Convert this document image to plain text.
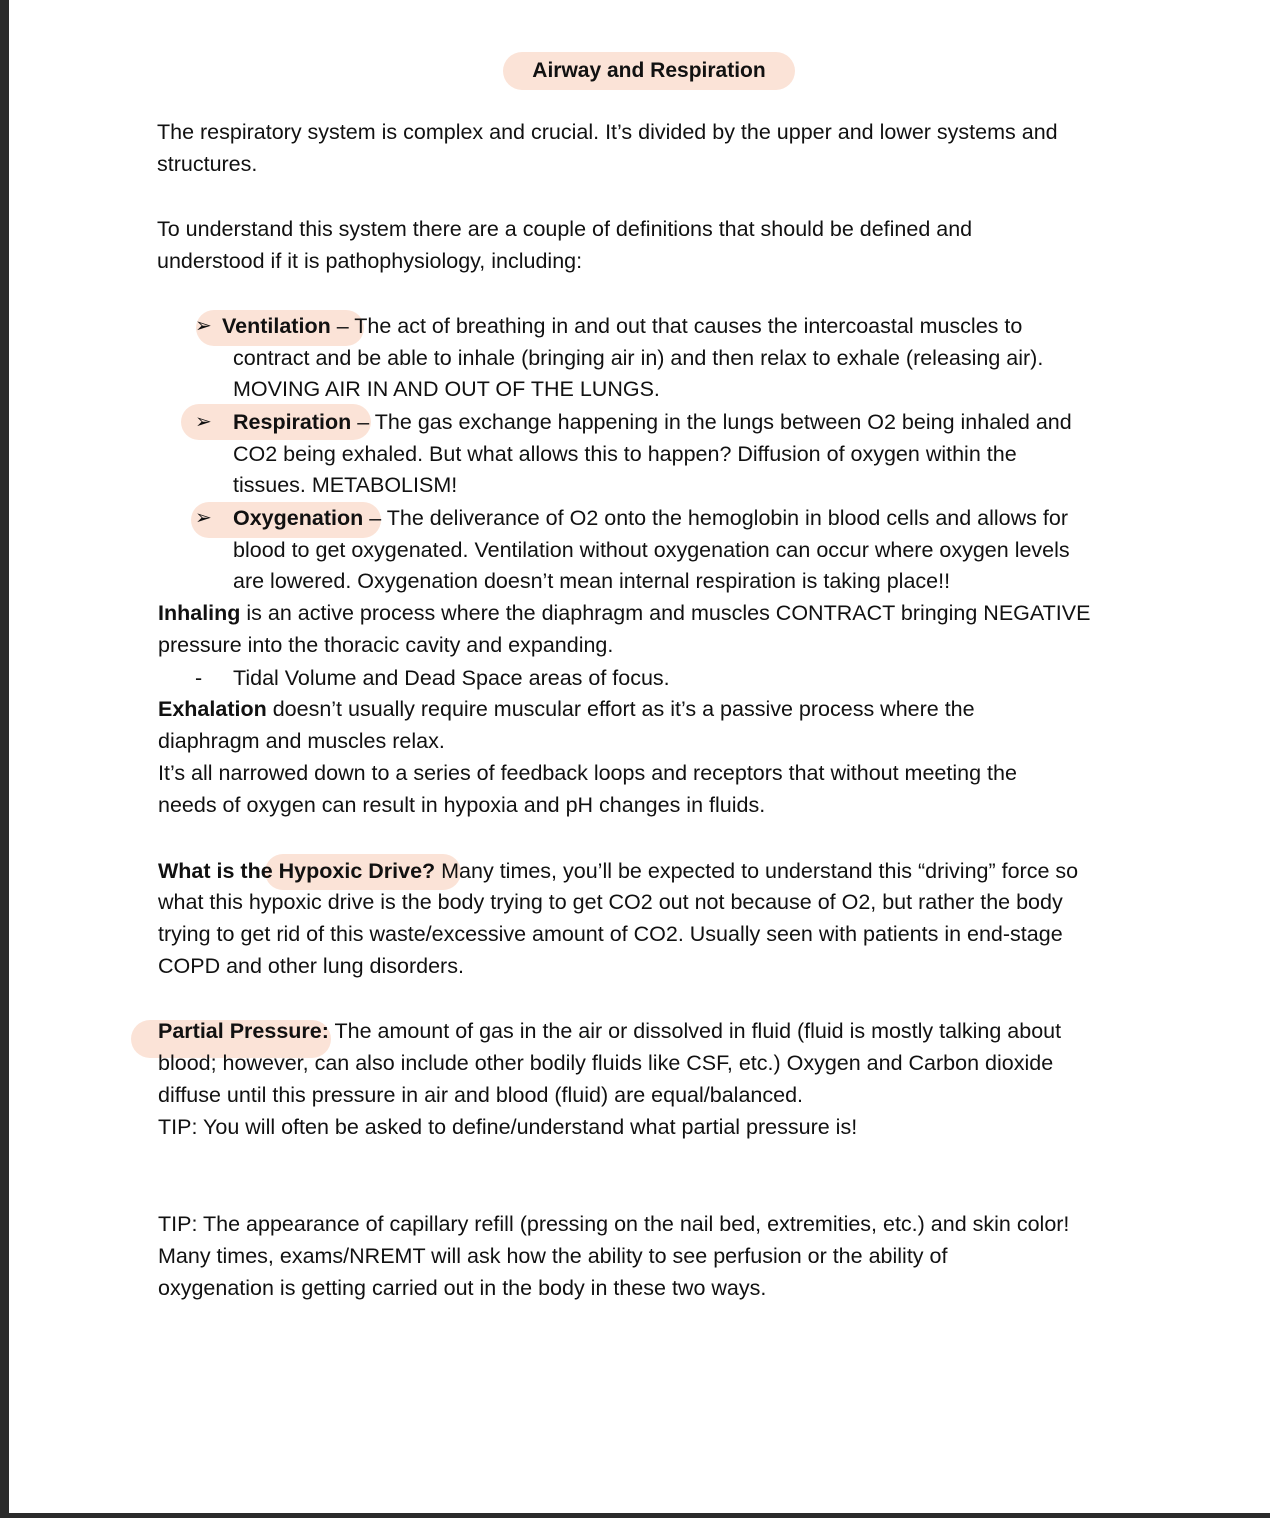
Airway and Respiration
The respiratory system is complex and crucial. It’s divided by the upper and lower systems and
structures.
To understand this system there are a couple of definitions that should be defined and
understood if it is pathophysiology, including:
➢ Ventilation – The act of breathing in and out that causes the intercoastal muscles to
contract and be able to inhale (bringing air in) and then relax to exhale (releasing air).
MOVING AIR IN AND OUT OF THE LUNGS.
➢ Respiration – The gas exchange happening in the lungs between O2 being inhaled and
CO2 being exhaled. But what allows this to happen? Diffusion of oxygen within the
tissues. METABOLISM!
➢ Oxygenation – The deliverance of O2 onto the hemoglobin in blood cells and allows for
blood to get oxygenated. Ventilation without oxygenation can occur where oxygen levels
are lowered. Oxygenation doesn’t mean internal respiration is taking place!!
Inhaling is an active process where the diaphragm and muscles CONTRACT bringing NEGATIVE
pressure into the thoracic cavity and expanding.
- Tidal Volume and Dead Space areas of focus.
Exhalation doesn’t usually require muscular effort as it’s a passive process where the
diaphragm and muscles relax.
It’s all narrowed down to a series of feedback loops and receptors that without meeting the
needs of oxygen can result in hypoxia and pH changes in fluids.
What is the Hypoxic Drive? Many times, you’ll be expected to understand this “driving” force so
what this hypoxic drive is the body trying to get CO2 out not because of O2, but rather the body
trying to get rid of this waste/excessive amount of CO2. Usually seen with patients in end-stage
COPD and other lung disorders.
Partial Pressure: The amount of gas in the air or dissolved in fluid (fluid is mostly talking about
blood; however, can also include other bodily fluids like CSF, etc.) Oxygen and Carbon dioxide
diffuse until this pressure in air and blood (fluid) are equal/balanced.
TIP: You will often be asked to define/understand what partial pressure is!
TIP: The appearance of capillary refill (pressing on the nail bed, extremities, etc.) and skin color!
Many times, exams/NREMT will ask how the ability to see perfusion or the ability of
oxygenation is getting carried out in the body in these two ways.
